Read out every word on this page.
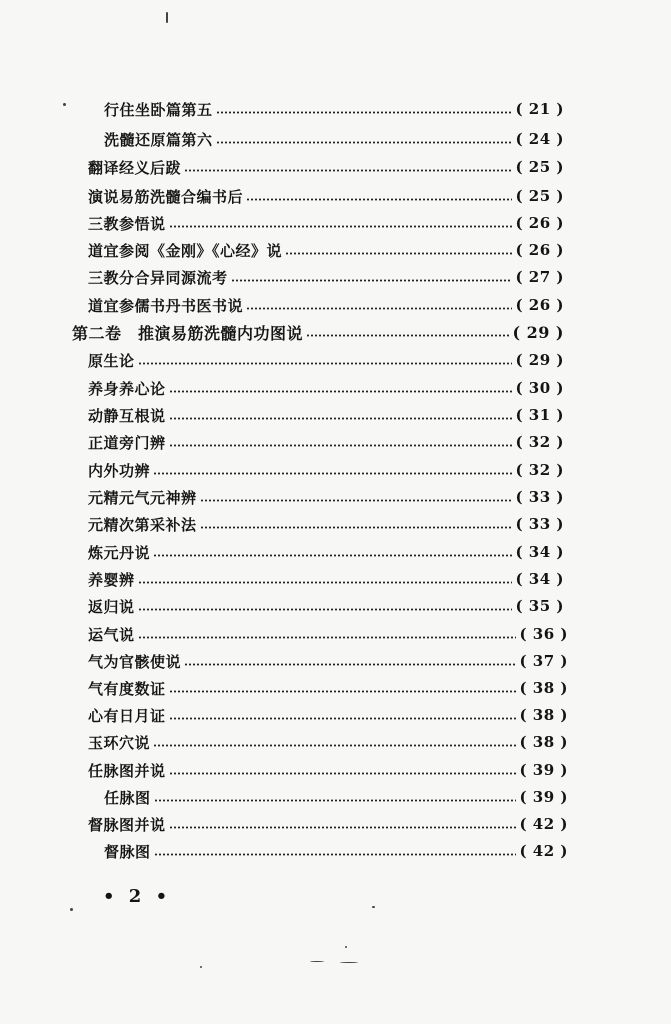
行住坐卧篇第五	( 21 )
洗髓还原篇第六	( 24 )
翻译经义后跋	( 25 )
演说易筋洗髓合编书后	( 25 )
三教参悟说	( 26 )
道宜参阅《金刚》《心经》说	( 26 )
三教分合异同源流考	( 27 )
道宜参儒书丹书医书说	( 26 )
第二卷　推演易筋洗髓内功图说	( 29 )
原生论	( 29 )
养身养心论	( 30 )
动静互根说	( 31 )
正道旁门辨	( 32 )
内外功辨	( 32 )
元精元气元神辨	( 33 )
元精次第采补法	( 33 )
炼元丹说	( 34 )
养婴辨	( 34 )
返归说	( 35 )
运气说	( 36 )
气为官骸使说	( 37 )
气有度数证	( 38 )
心有日月证	( 38 )
玉环穴说	( 38 )
任脉图并说	( 39 )
任脉图	( 39 )
督脉图并说	( 42 )
督脉图	( 42 )
• 2 •
